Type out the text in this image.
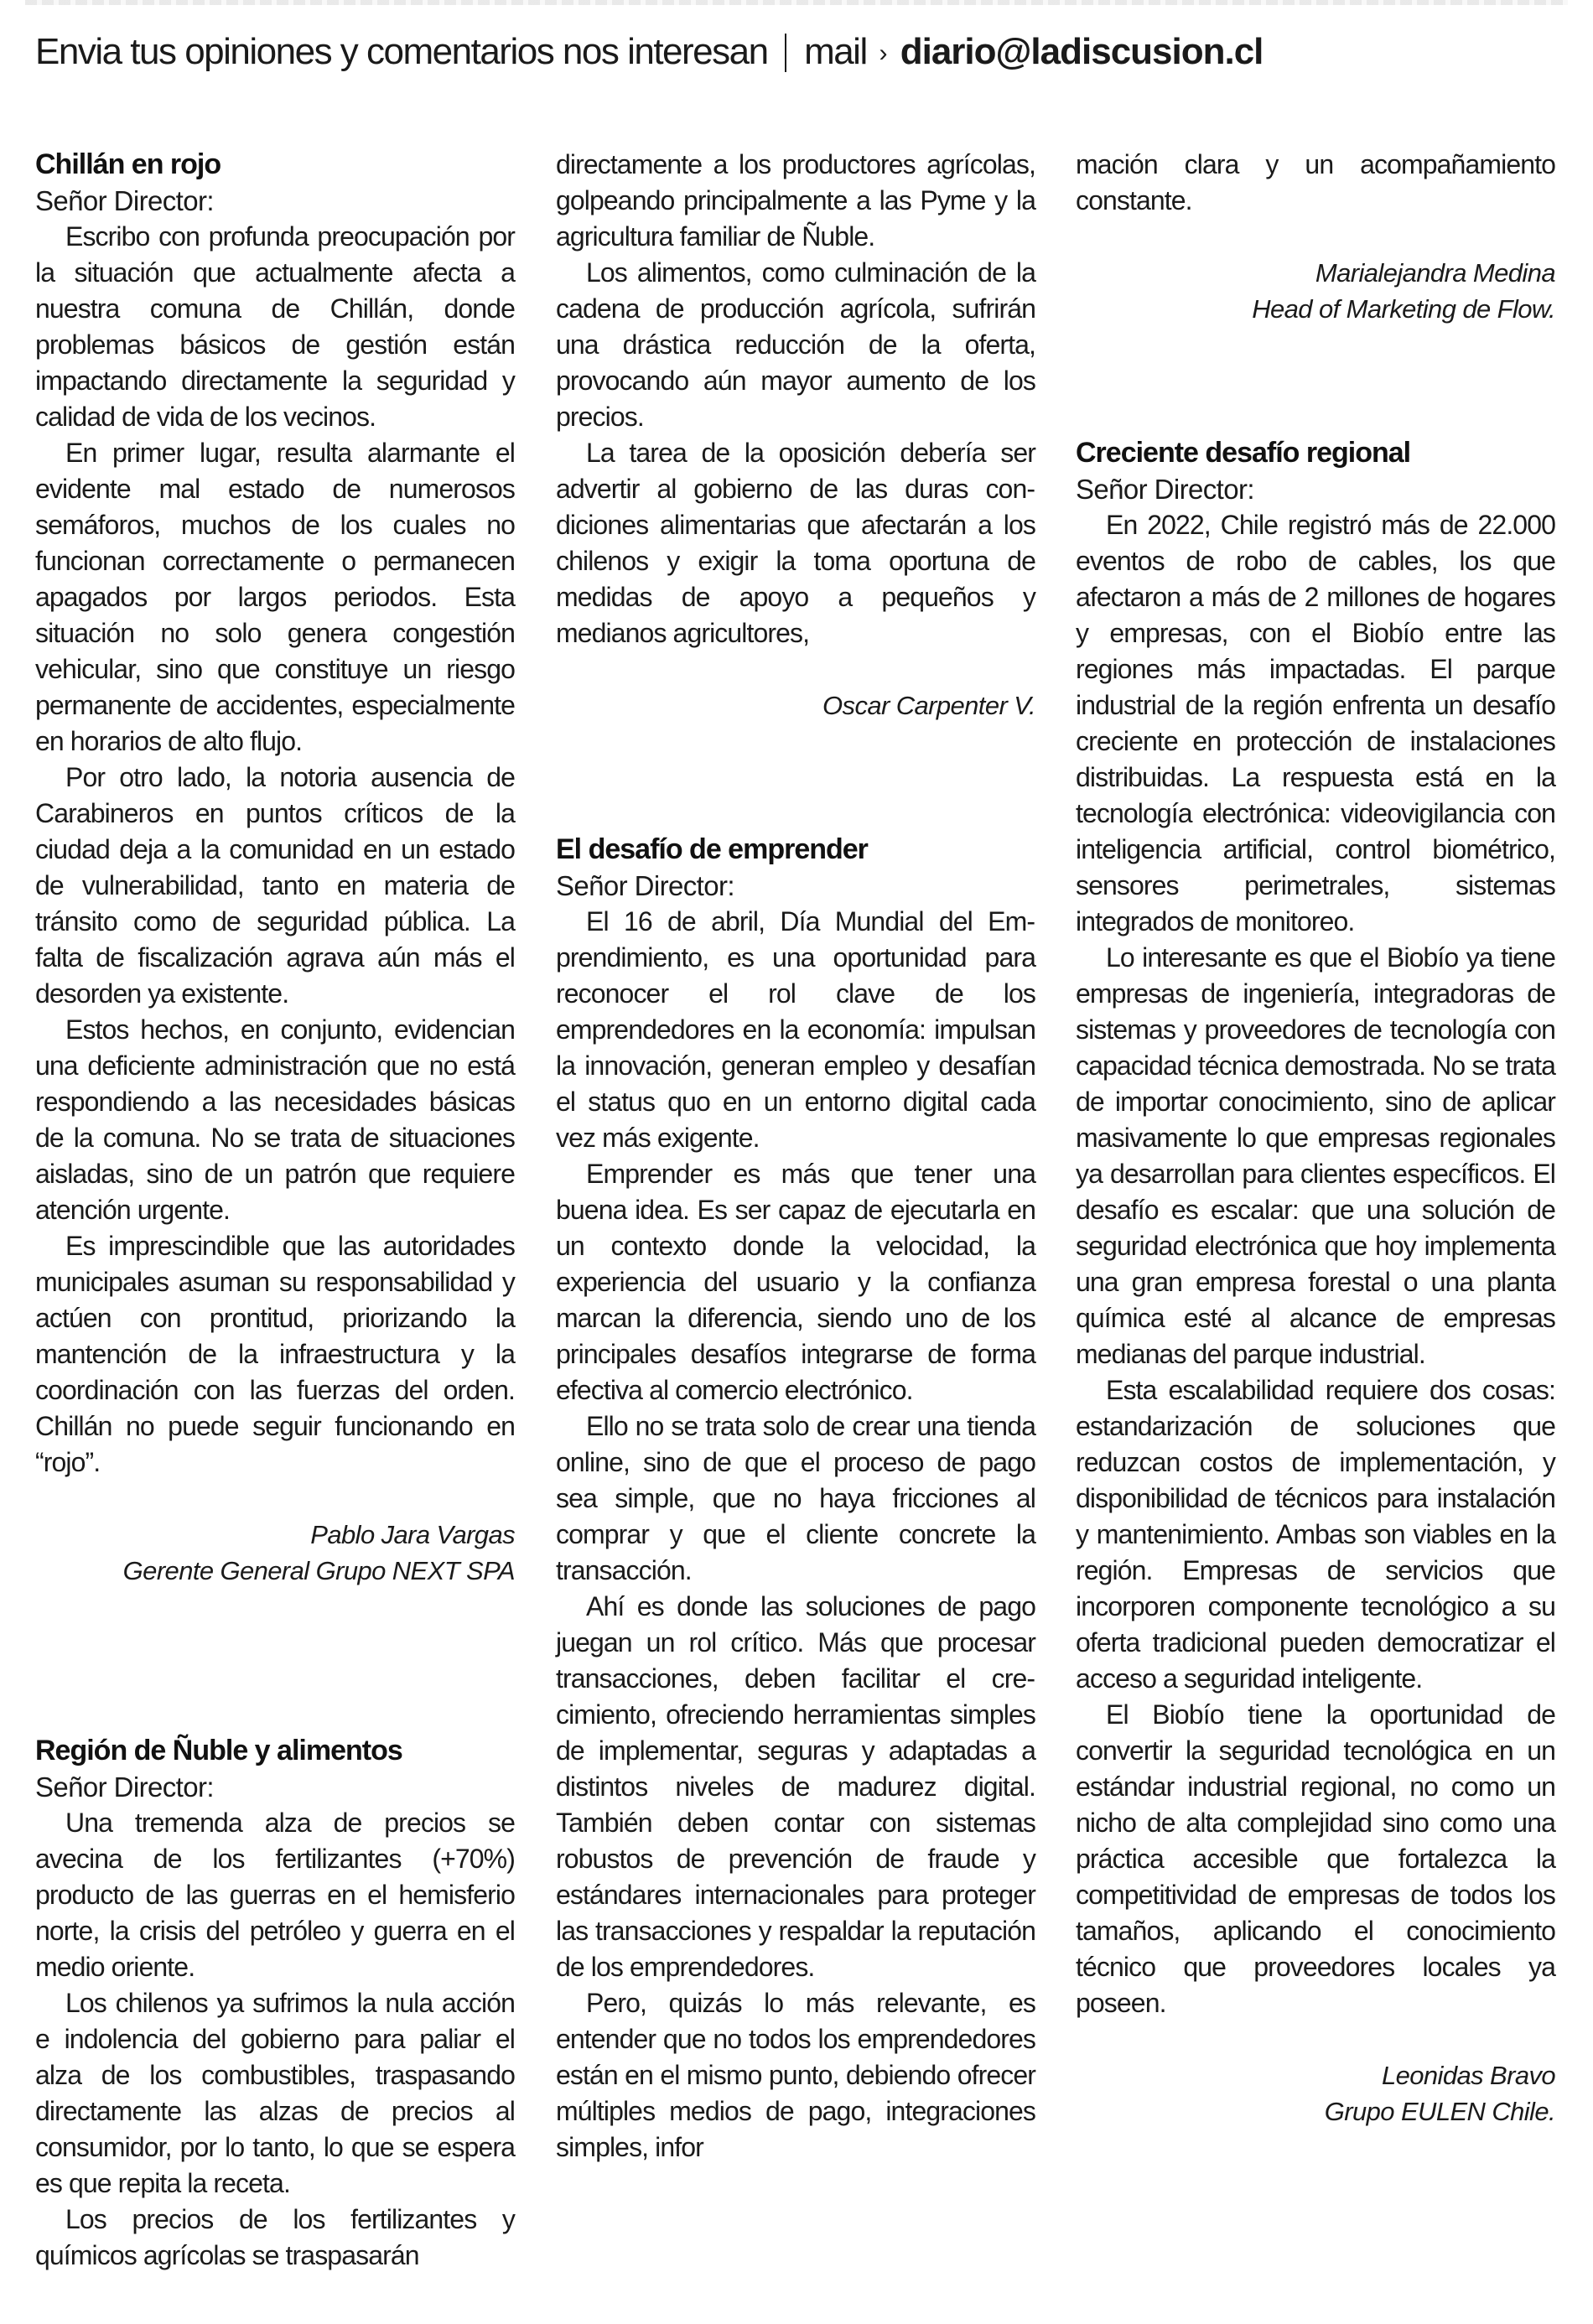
Envia tus opiniones y comentarios nos interesan mail › diario@ladiscusion.cl
Chillán en rojo

Señor Director:

Escribo con profunda preocupación por la situación que actualmente afecta a nuestra comuna de Chillán, donde problemas básicos de gestión están impactando directamente la seguridad y calidad de vida de los vecinos.

En primer lugar, resulta alarmante el evidente mal estado de numerosos semáforos, muchos de los cuales no funcionan correctamente o permanecen apagados por largos periodos. Esta situación no solo genera congestión vehicular, sino que constituye un riesgo permanente de accidentes, especialmente en horarios de alto flujo.

Por otro lado, la notoria ausencia de Carabineros en puntos críticos de la ciudad deja a la comunidad en un estado de vulnerabilidad, tanto en materia de tránsito como de seguridad pública. La falta de fiscalización agrava aún más el desorden ya existente.

Estos hechos, en conjunto, evidencian una deficiente administración que no está respondiendo a las necesidades básicas de la comuna. No se trata de situaciones aisladas, sino de un patrón que requiere atención urgente.

Es imprescindible que las autoridades municipales asuman su responsabilidad y actúen con prontitud, priorizando la mantención de la infraestructura y la coordinación con las fuerzas del orden. Chillán no puede seguir funcionando en “rojo”.

Pablo Jara Vargas
Gerente General Grupo NEXT SPA
Región de Ñuble y alimentos

Señor Director:

Una tremenda alza de precios se avecina de los fertilizantes (+70%) producto de las guerras en el hemisferio norte, la crisis del petróleo y guerra en el medio oriente.

Los chilenos ya sufrimos la nula acción e indolencia del gobierno para paliar el alza de los combustibles, traspasando directamente las alzas de precios al consumidor, por lo tanto, lo que se espera es que repita la receta.

Los precios de los fertilizantes y químicos agrícolas se traspasarán

directamente a los productores agrícolas, golpeando principalmente a las Pyme y la agricultura familiar de Ñuble.

Los alimentos, como culminación de la cadena de producción agrícola, sufrirán una drástica reducción de la oferta, provocando aún mayor aumento de los precios.

La tarea de la oposición debería ser advertir al gobierno de las duras condiciones alimentarias que afectarán a los chilenos y exigir la toma oportuna de medidas de apoyo a pequeños y medianos agricultores,

Oscar Carpenter V.
El desafío de emprender

Señor Director:

El 16 de abril, Día Mundial del Emprendimiento, es una oportunidad para reconocer el rol clave de los emprendedores en la economía: impulsan la innovación, generan empleo y desafían el status quo en un entorno digital cada vez más exigente.

Emprender es más que tener una buena idea. Es ser capaz de ejecutarla en un contexto donde la velocidad, la experiencia del usuario y la confianza marcan la diferencia, siendo uno de los principales desafíos integrarse de forma efectiva al comercio electrónico.

Ello no se trata solo de crear una tienda online, sino de que el proceso de pago sea simple, que no haya fricciones al comprar y que el cliente concrete la transacción.

Ahí es donde las soluciones de pago juegan un rol crítico. Más que procesar transacciones, deben facilitar el crecimiento, ofreciendo herramientas simples de implementar, seguras y adaptadas a distintos niveles de madurez digital. También deben contar con sistemas robustos de prevención de fraude y estándares internacionales para proteger las transacciones y respaldar la reputación de los emprendedores.

Pero, quizás lo más relevante, es entender que no todos los emprendedores están en el mismo punto, debiendo ofrecer múltiples medios de pago, integraciones simples, infor

mación clara y un acompañamiento constante.

Marialejandra Medina
Head of Marketing de Flow.
Creciente desafío regional

Señor Director:

En 2022, Chile registró más de 22.000 eventos de robo de cables, los que afectaron a más de 2 millones de hogares y empresas, con el Biobío entre las regiones más impactadas. El parque industrial de la región enfrenta un desafío creciente en protección de instalaciones distribuidas. La respuesta está en la tecnología electrónica: videovigilancia con inteligencia artificial, control biométrico, sensores perimetrales, sistemas integrados de monitoreo.

Lo interesante es que el Biobío ya tiene empresas de ingeniería, integradoras de sistemas y proveedores de tecnología con capacidad técnica demostrada. No se trata de importar conocimiento, sino de aplicar masivamente lo que empresas regionales ya desarrollan para clientes específicos. El desafío es escalar: que una solución de seguridad electrónica que hoy implementa una gran empresa forestal o una planta química esté al alcance de empresas medianas del parque industrial.

Esta escalabilidad requiere dos cosas: estandarización de soluciones que reduzcan costos de implementación, y disponibilidad de técnicos para instalación y mantenimiento. Ambas son viables en la región. Empresas de servicios que incorporen componente tecnológico a su oferta tradicional pueden democratizar el acceso a seguridad inteligente.

El Biobío tiene la oportunidad de convertir la seguridad tecnológica en un estándar industrial regional, no como un nicho de alta complejidad sino como una práctica accesible que fortalezca la competitividad de empresas de todos los tamaños, aplicando el conocimiento técnico que proveedores locales ya poseen.

Leonidas Bravo
Grupo EULEN Chile.
